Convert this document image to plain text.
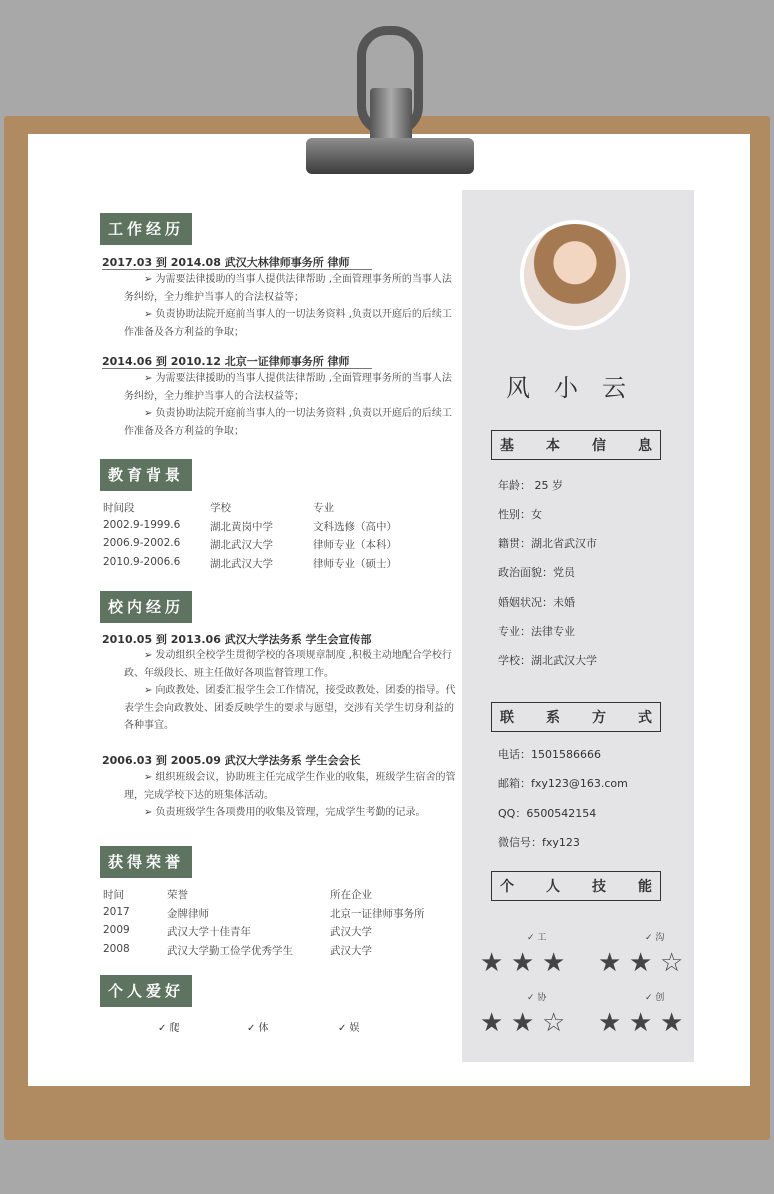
工作经历
2017.03 到 2014.08 武汉大林律师事务所 律师
➢ 为需要法律援助的当事人提供法律帮助 ,全面管理事务所的当事人法务纠纷，全力维护当事人的合法权益等；
➢ 负责协助法院开庭前当事人的一切法务资料 ,负责以开庭后的后续工作准备及各方利益的争取；
2014.06 到 2010.12 北京一证律师事务所 律师
➢ 为需要法律援助的当事人提供法律帮助 ,全面管理事务所的当事人法务纠纷，全力维护当事人的合法权益等；
➢ 负责协助法院开庭前当事人的一切法务资料 ,负责以开庭后的后续工作准备及各方利益的争取；
教育背景
时间段
2002.9-1999.6
2006.9-2002.6
2010.9-2006.6
学校
湖北黄岗中学
湖北武汉大学
湖北武汉大学
专业
文科选修（高中）
律师专业（本科）
律师专业（硕士）
校内经历
2010.05 到 2013.06 武汉大学法务系 学生会宣传部
➢ 发动组织全校学生贯彻学校的各项规章制度 ,积极主动地配合学校行政、年级段长、班主任做好各项监督管理工作。
➢ 向政教处、团委汇报学生会工作情况，接受政教处、团委的指导。代表学生会向政教处、团委反映学生的要求与愿望，交涉有关学生切身利益的各种事宜。
2006.03 到 2005.09 武汉大学法务系 学生会会长
➢ 组织班级会议，协助班主任完成学生作业的收集，班级学生宿舍的管理，完成学校下达的班集体活动。
➢ 负责班级学生各项费用的收集及管理，完成学生考勤的记录。
获得荣誉
时间
2017
2009
2008
荣誉
金牌律师
武汉大学十佳青年
武汉大学勤工俭学优秀学生
所在企业
北京一证律师事务所
武汉大学
武汉大学
个人爱好
✓ 爬	✓ 体	✓ 娱
风小云
基 本 信 息
年龄： 25 岁
性别：女
籍贯：湖北省武汉市
政治面貌：党员
婚姻状况：未婚
专业：法律专业
学校：湖北武汉大学
联 系 方 式
电话：1501586666
邮箱：fxy123@163.com
QQ：6500542154
微信号：fxy123
个 人 技 能
✓ 工
★ ★ ★
✓ 沟
★ ★ ☆
✓ 协
★ ★ ☆
✓ 创
★ ★ ★
